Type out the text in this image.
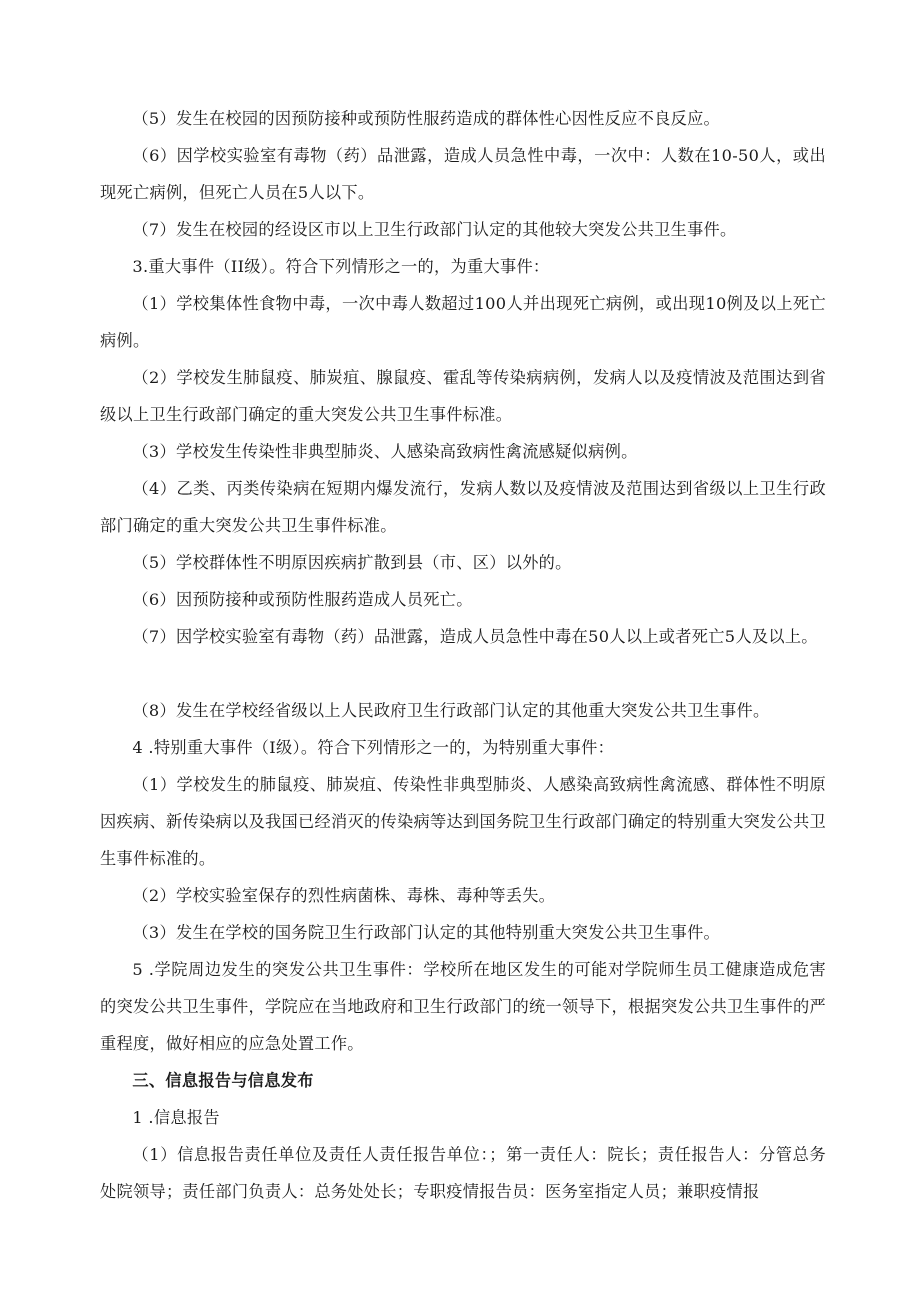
（5）发生在校园的因预防接种或预防性服药造成的群体性心因性反应不良反应。

（6）因学校实验室有毒物（药）品泄露，造成人员急性中毒，一次中：人数在10-50人，或出现死亡病例，但死亡人员在5人以下。

（7）发生在校园的经设区市以上卫生行政部门认定的其他较大突发公共卫生事件。

3.重大事件（II级）。符合下列情形之一的，为重大事件：

（1）学校集体性食物中毒，一次中毒人数超过100人并出现死亡病例，或出现10例及以上死亡病例。

（2）学校发生肺鼠疫、肺炭疽、腺鼠疫、霍乱等传染病病例，发病人以及疫情波及范围达到省级以上卫生行政部门确定的重大突发公共卫生事件标准。

（3）学校发生传染性非典型肺炎、人感染高致病性禽流感疑似病例。

（4）乙类、丙类传染病在短期内爆发流行，发病人数以及疫情波及范围达到省级以上卫生行政部门确定的重大突发公共卫生事件标准。

（5）学校群体性不明原因疾病扩散到县（市、区）以外的。

（6）因预防接种或预防性服药造成人员死亡。

（7）因学校实验室有毒物（药）品泄露，造成人员急性中毒在50人以上或者死亡5人及以上。

（8）发生在学校经省级以上人民政府卫生行政部门认定的其他重大突发公共卫生事件。

4 .特别重大事件（I级）。符合下列情形之一的，为特别重大事件：

（1）学校发生的肺鼠疫、肺炭疽、传染性非典型肺炎、人感染高致病性禽流感、群体性不明原因疾病、新传染病以及我国已经消灭的传染病等达到国务院卫生行政部门确定的特别重大突发公共卫生事件标准的。

（2）学校实验室保存的烈性病菌株、毒株、毒种等丢失。

（3）发生在学校的国务院卫生行政部门认定的其他特别重大突发公共卫生事件。

5 .学院周边发生的突发公共卫生事件：学校所在地区发生的可能对学院师生员工健康造成危害的突发公共卫生事件，学院应在当地政府和卫生行政部门的统一领导下，根据突发公共卫生事件的严重程度，做好相应的应急处置工作。

三、信息报告与信息发布

1 .信息报告

（1）信息报告责任单位及责任人责任报告单位：；第一责任人：院长；责任报告人：分管总务处院领导；责任部门负责人：总务处处长；专职疫情报告员：医务室指定人员；兼职疫情报
